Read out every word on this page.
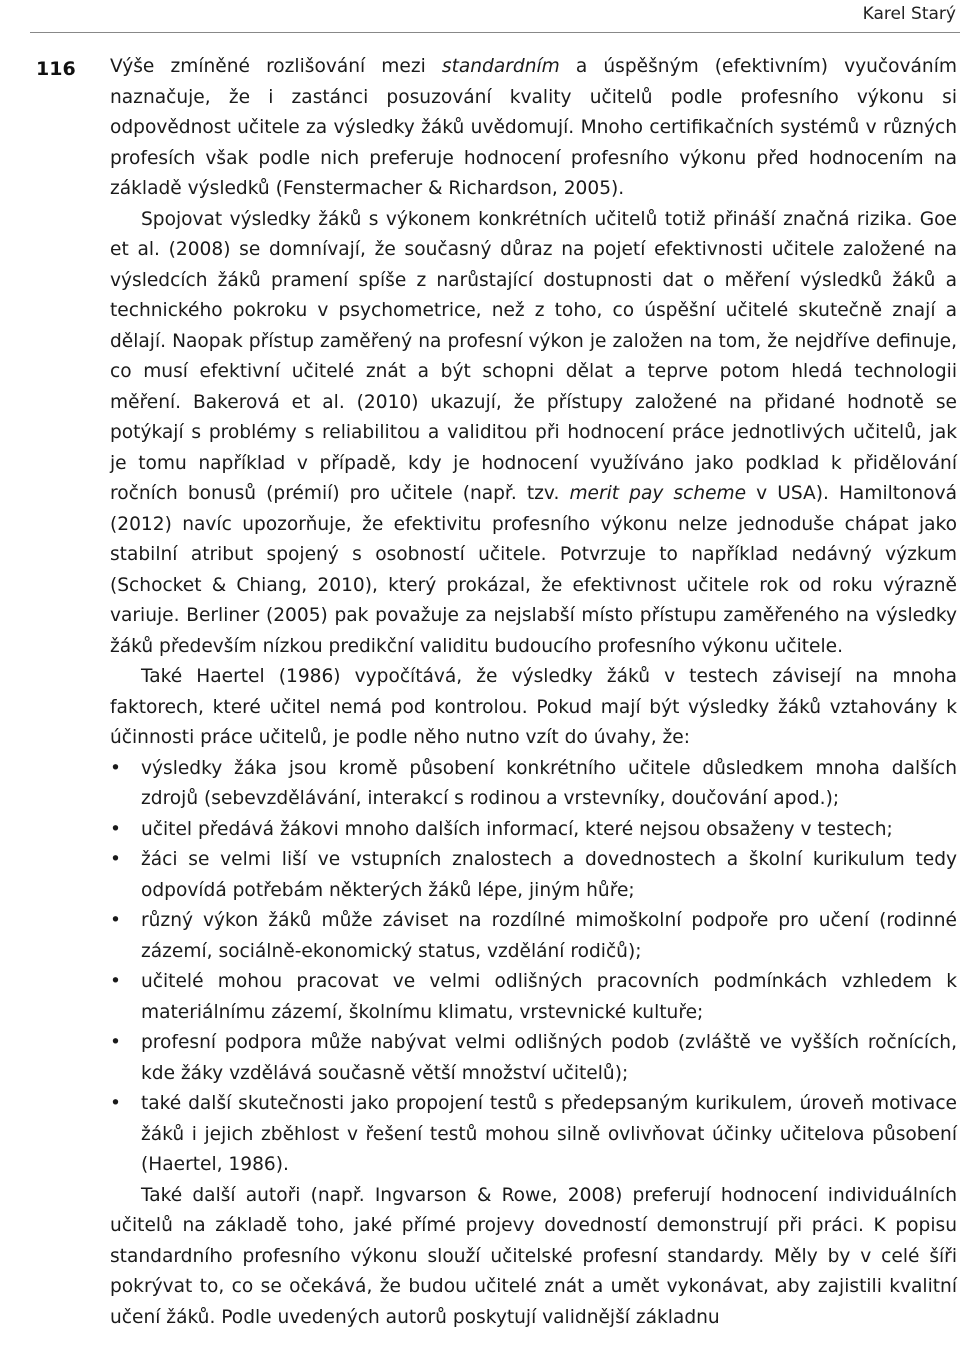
Karel Starý
116 Výše zmíněné rozlišování mezi standardním a úspěšným (efektivním) vyučováním naznačuje, že i zastánci posuzování kvality učitelů podle profesního výkonu si odpovědnost učitele za výsledky žáků uvědomují. Mnoho certifikačních systémů v různých profesích však podle nich preferuje hodnocení profesního výkonu před hodnocením na základě výsledků (Fenstermacher & Richardson, 2005).

Spojovat výsledky žáků s výkonem konkrétních učitelů totiž přináší značná rizika. Goe et al. (2008) se domnívají, že současný důraz na pojetí efektivnosti učitele založené na výsledcích žáků pramení spíše z narůstající dostupnosti dat o měření výsledků žáků a technického pokroku v psychometrice, než z toho, co úspěšní učitelé skutečně znají a dělají. Naopak přístup zaměřený na profesní výkon je založen na tom, že nejdříve definuje, co musí efektivní učitelé znát a být schopni dělat a teprve potom hledá technologii měření. Bakerová et al. (2010) ukazují, že přístupy založené na přidané hodnotě se potýkají s problémy s reliabilitou a validitou při hodnocení práce jednotlivých učitelů, jak je tomu například v případě, kdy je hodnocení využíváno jako podklad k přidělování ročních bonusů (prémií) pro učitele (např. tzv. merit pay scheme v USA). Hamiltonová (2012) navíc upozorňuje, že efektivitu profesního výkonu nelze jednoduše chápat jako stabilní atribut spojený s osobností učitele. Potvrzuje to například nedávný výzkum (Schocket & Chiang, 2010), který prokázal, že efektivnost učitele rok od roku výrazně variuje. Berliner (2005) pak považuje za nejslabší místo přístupu zaměřeného na výsledky žáků především nízkou predikční validitu budoucího profesního výkonu učitele.

Také Haertel (1986) vypočítává, že výsledky žáků v testech závisejí na mnoha faktorech, které učitel nemá pod kontrolou. Pokud mají být výsledky žáků vztahovány k účinnosti práce učitelů, je podle něho nutno vzít do úvahy, že:

• výsledky žáka jsou kromě působení konkrétního učitele důsledkem mnoha dalších zdrojů (sebevzdělávání, interakcí s rodinou a vrstevníky, doučování apod.);
• učitel předává žákovi mnoho dalších informací, které nejsou obsaženy v testech;
• žáci se velmi liší ve vstupních znalostech a dovednostech a školní kurikulum tedy odpovídá potřebám některých žáků lépe, jiným hůře;
• různý výkon žáků může záviset na rozdílné mimoškolní podpoře pro učení (rodinné zázemí, sociálně-ekonomický status, vzdělání rodičů);
• učitelé mohou pracovat ve velmi odlišných pracovních podmínkách vzhledem k materiálnímu zázemí, školnímu klimatu, vrstevnické kultuře;
• profesní podpora může nabývat velmi odlišných podob (zvláště ve vyšších ročnících, kde žáky vzdělává současně větší množství učitelů);
• také další skutečnosti jako propojení testů s předepsaným kurikulem, úroveň motivace žáků i jejich zběhlost v řešení testů mohou silně ovlivňovat účinky učitelova působení (Haertel, 1986).

Také další autoři (např. Ingvarson & Rowe, 2008) preferují hodnocení individuálních učitelů na základě toho, jaké přímé projevy dovedností demonstrují při práci. K popisu standardního profesního výkonu slouží učitelské profesní standardy. Měly by v celé šíři pokrývat to, co se očekává, že budou učitelé znát a umět vykonávat, aby zajistili kvalitní učení žáků. Podle uvedených autorů poskytují validnější základnu
